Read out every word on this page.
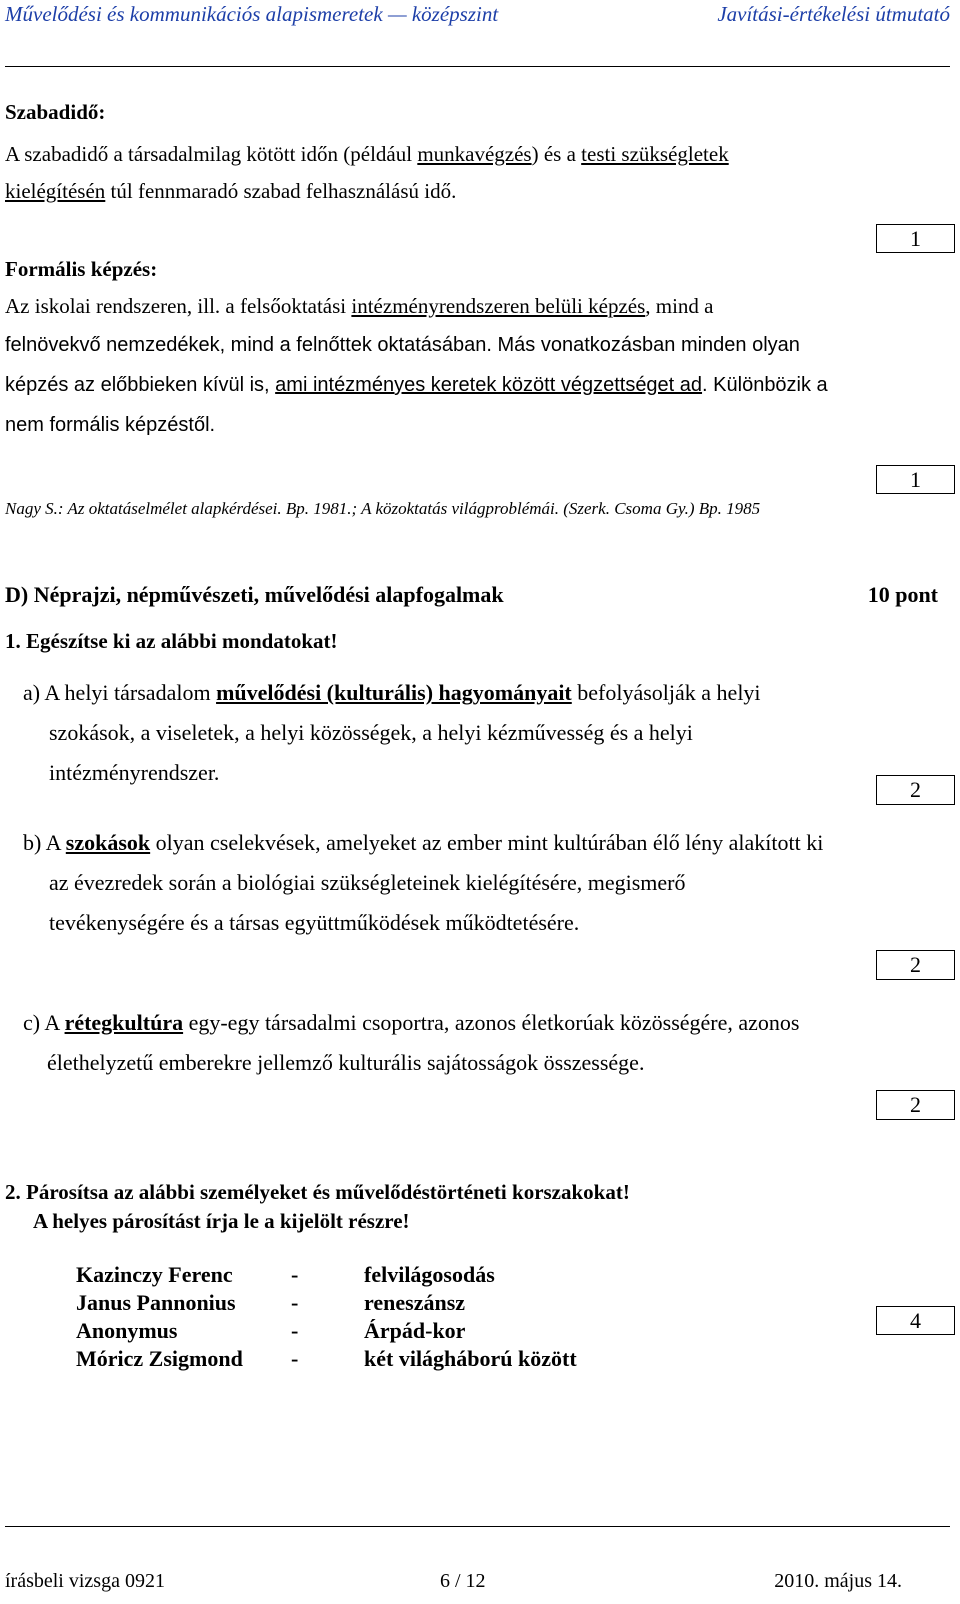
Művelődési és kommunikációs alapismeretek — középszint	Javítási-értékelési útmutató
Szabadidő:
A szabadidő a társadalmilag kötött időn (például munkavégzés) és a testi szükségletek
kielégítésén túl fennmaradó szabad felhasználású idő.
1
Formális képzés:
Az iskolai rendszeren, ill. a felsőoktatási intézményrendszeren belüli képzés, mind a
felnövekvő nemzedékek, mind a felnőttek oktatásában. Más vonatkozásban minden olyan
képzés az előbbieken kívül is, ami intézményes keretek között végzettséget ad. Különbözik a
nem formális képzéstől.
1
Nagy S.: Az oktatáselmélet alapkérdései. Bp. 1981.; A közoktatás világproblémái. (Szerk. Csoma Gy.) Bp. 1985
D) Néprajzi, népművészeti, művelődési alapfogalmak	10 pont
1. Egészítse ki az alábbi mondatokat!
a) A helyi társadalom művelődési (kulturális) hagyományait befolyásolják a helyi
szokások, a viseletek, a helyi közösségek, a helyi kézművesség és a helyi
intézményrendszer.
2
b) A szokások olyan cselekvések, amelyeket az ember mint kultúrában élő lény alakított ki
az évezredek során a biológiai szükségleteinek kielégítésére, megismerő
tevékenységére és a társas együttműködések működtetésére.
2
c) A rétegkultúra egy-egy társadalmi csoportra, azonos életkorúak közösségére, azonos
élethelyzetű emberekre jellemző kulturális sajátosságok összessége.
2
2. Párosítsa az alábbi személyeket és művelődéstörténeti korszakokat!
A helyes párosítást írja le a kijelölt részre!
Kazinczy Ferenc	-	felvilágosodás
Janus Pannonius	-	reneszánsz
Anonymus	-	Árpád-kor
Móricz Zsigmond -	két világháború között
4
írásbeli vizsga 0921	6 / 12	2010. május 14.
